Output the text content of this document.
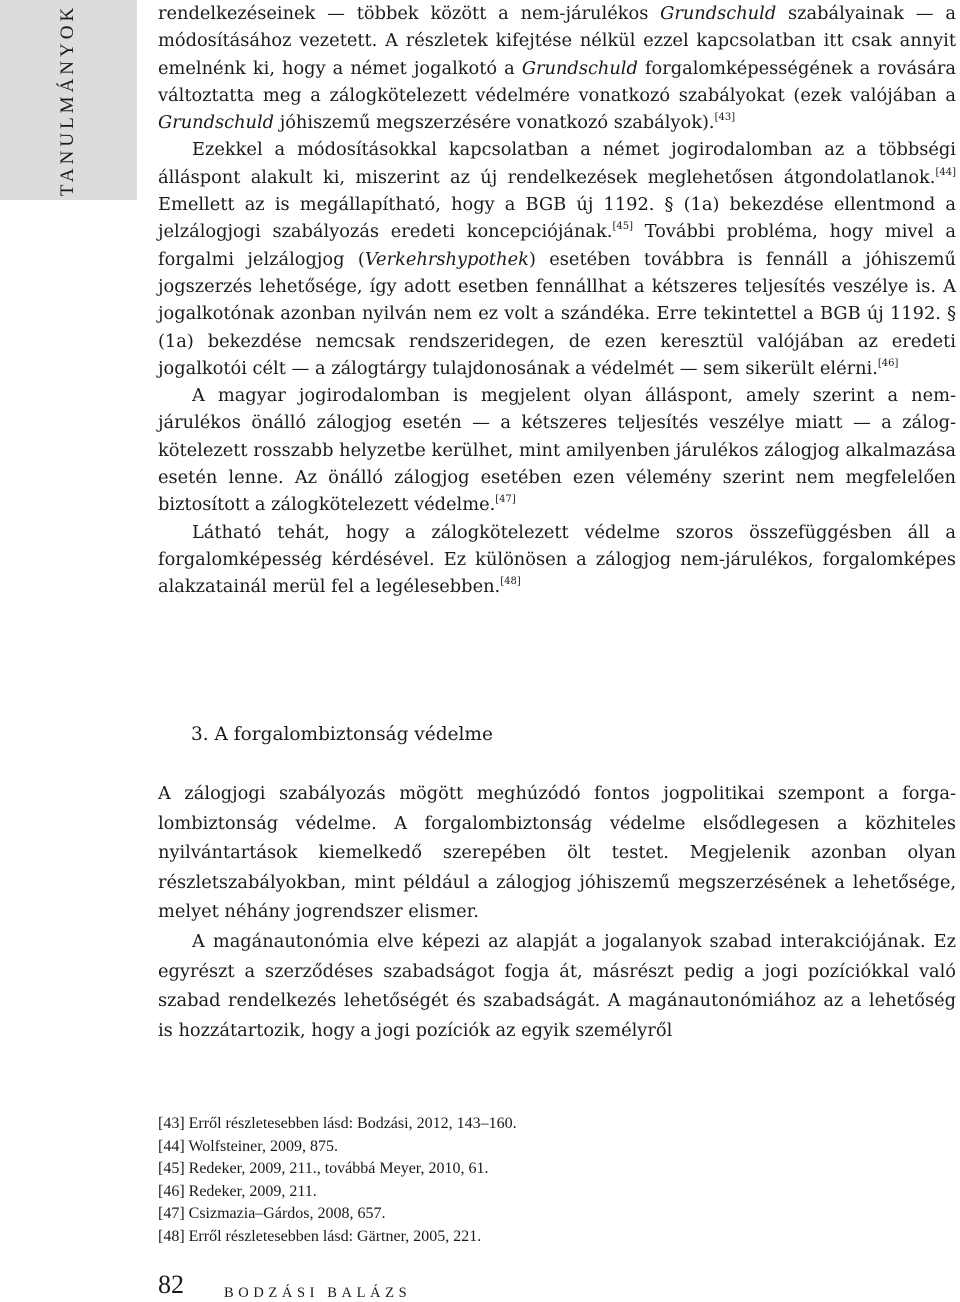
TANULMÁNYOK	rendelkezéseinek — többek között a nem-járulékos Grundschuld szabályainak — a módosításához vezetett. A részletek kifejtése nélkül ezzel kapcsolatban itt csak annyit emelnénk ki, hogy a német jogalkotó a Grundschuld forgalomképességének a rovására változtatta meg a zálogkötelezett védelmére vonatkozó szabályokat (ezek valójában a Grundschuld jóhiszemű megszerzésére vonatkozó szabályok).[43]

Ezekkel a módosításokkal kapcsolatban a német jogirodalomban az a többségi álláspont alakult ki, miszerint az új rendelkezések meglehetősen átgondolatlanok.[44] Emellett az is megállapítható, hogy a BGB új 1192. § (1a) bekezdése ellentmond a jelzálogjogi szabályozás eredeti koncepciójának.[45] További probléma, hogy mivel a forgalmi jelzálogjog (Verkehrshypothek) esetében továbbra is fennáll a jóhiszemű jogszerzés lehetősége, így adott esetben fennállhat a kétszeres teljesítés veszélye is. A jogalkotónak azonban nyilván nem ez volt a szándéka. Erre tekintettel a BGB új 1192. § (1a) bekezdése nemcsak rendszeridegen, de ezen keresztül valójában az eredeti jogalkotói célt — a zálogtárgy tulajdonosának a védelmét — sem sikerült elérni.[46]

A magyar jogirodalomban is megjelent olyan álláspont, amely szerint a nemjárulékos önálló zálogjog esetén — a kétszeres teljesítés veszélye miatt — a zálogkötelezett rosszabb helyzetbe kerülhet, mint amilyenben járulékos zálogjog alkalmazása esetén lenne. Az önálló zálogjog esetében ezen vélemény szerint nem megfelelően biztosított a zálogkötelezett védelme.[47]

Látható tehát, hogy a zálogkötelezett védelme szoros összefüggésben áll a forgalomképesség kérdésével. Ez különösen a zálogjog nem-járulékos, forgalomképes alakzatainál merül fel a legélesebben.[48]

3. A forgalombiztonság védelme

A zálogjogi szabályozás mögött meghúzódó fontos jogpolitikai szempont a forgalombiztonság védelme. A forgalombiztonság védelme elsődlegesen a közhiteles nyilvántartások kiemelkedő szerepében ölt testet. Megjelenik azonban olyan részletszabályokban, mint például a zálogjog jóhiszemű megszerzésének a lehetősége, melyet néhány jogrendszer elismer.

A magánautonómia elve képezi az alapját a jogalanyok szabad interakciójának. Ez egyrészt a szerződéses szabadságot fogja át, másrészt pedig a jogi pozíciókkal való szabad rendelkezés lehetőségét és szabadságát. A magánautonómiához az a lehetőség is hozzátartozik, hogy a jogi pozíciók az egyik személyről

[43] Erről részletesebben lásd: Bodzási, 2012, 143–160.
[44] Wolfsteiner, 2009, 875.
[45] Redeker, 2009, 211., továbbá Meyer, 2010, 61.
[46] Redeker, 2009, 211.
[47] Csizmazia–Gárdos, 2008, 657.
[48] Erről részletesebben lásd: Gärtner, 2005, 221.
82	BODZÁSI BALÁZS
